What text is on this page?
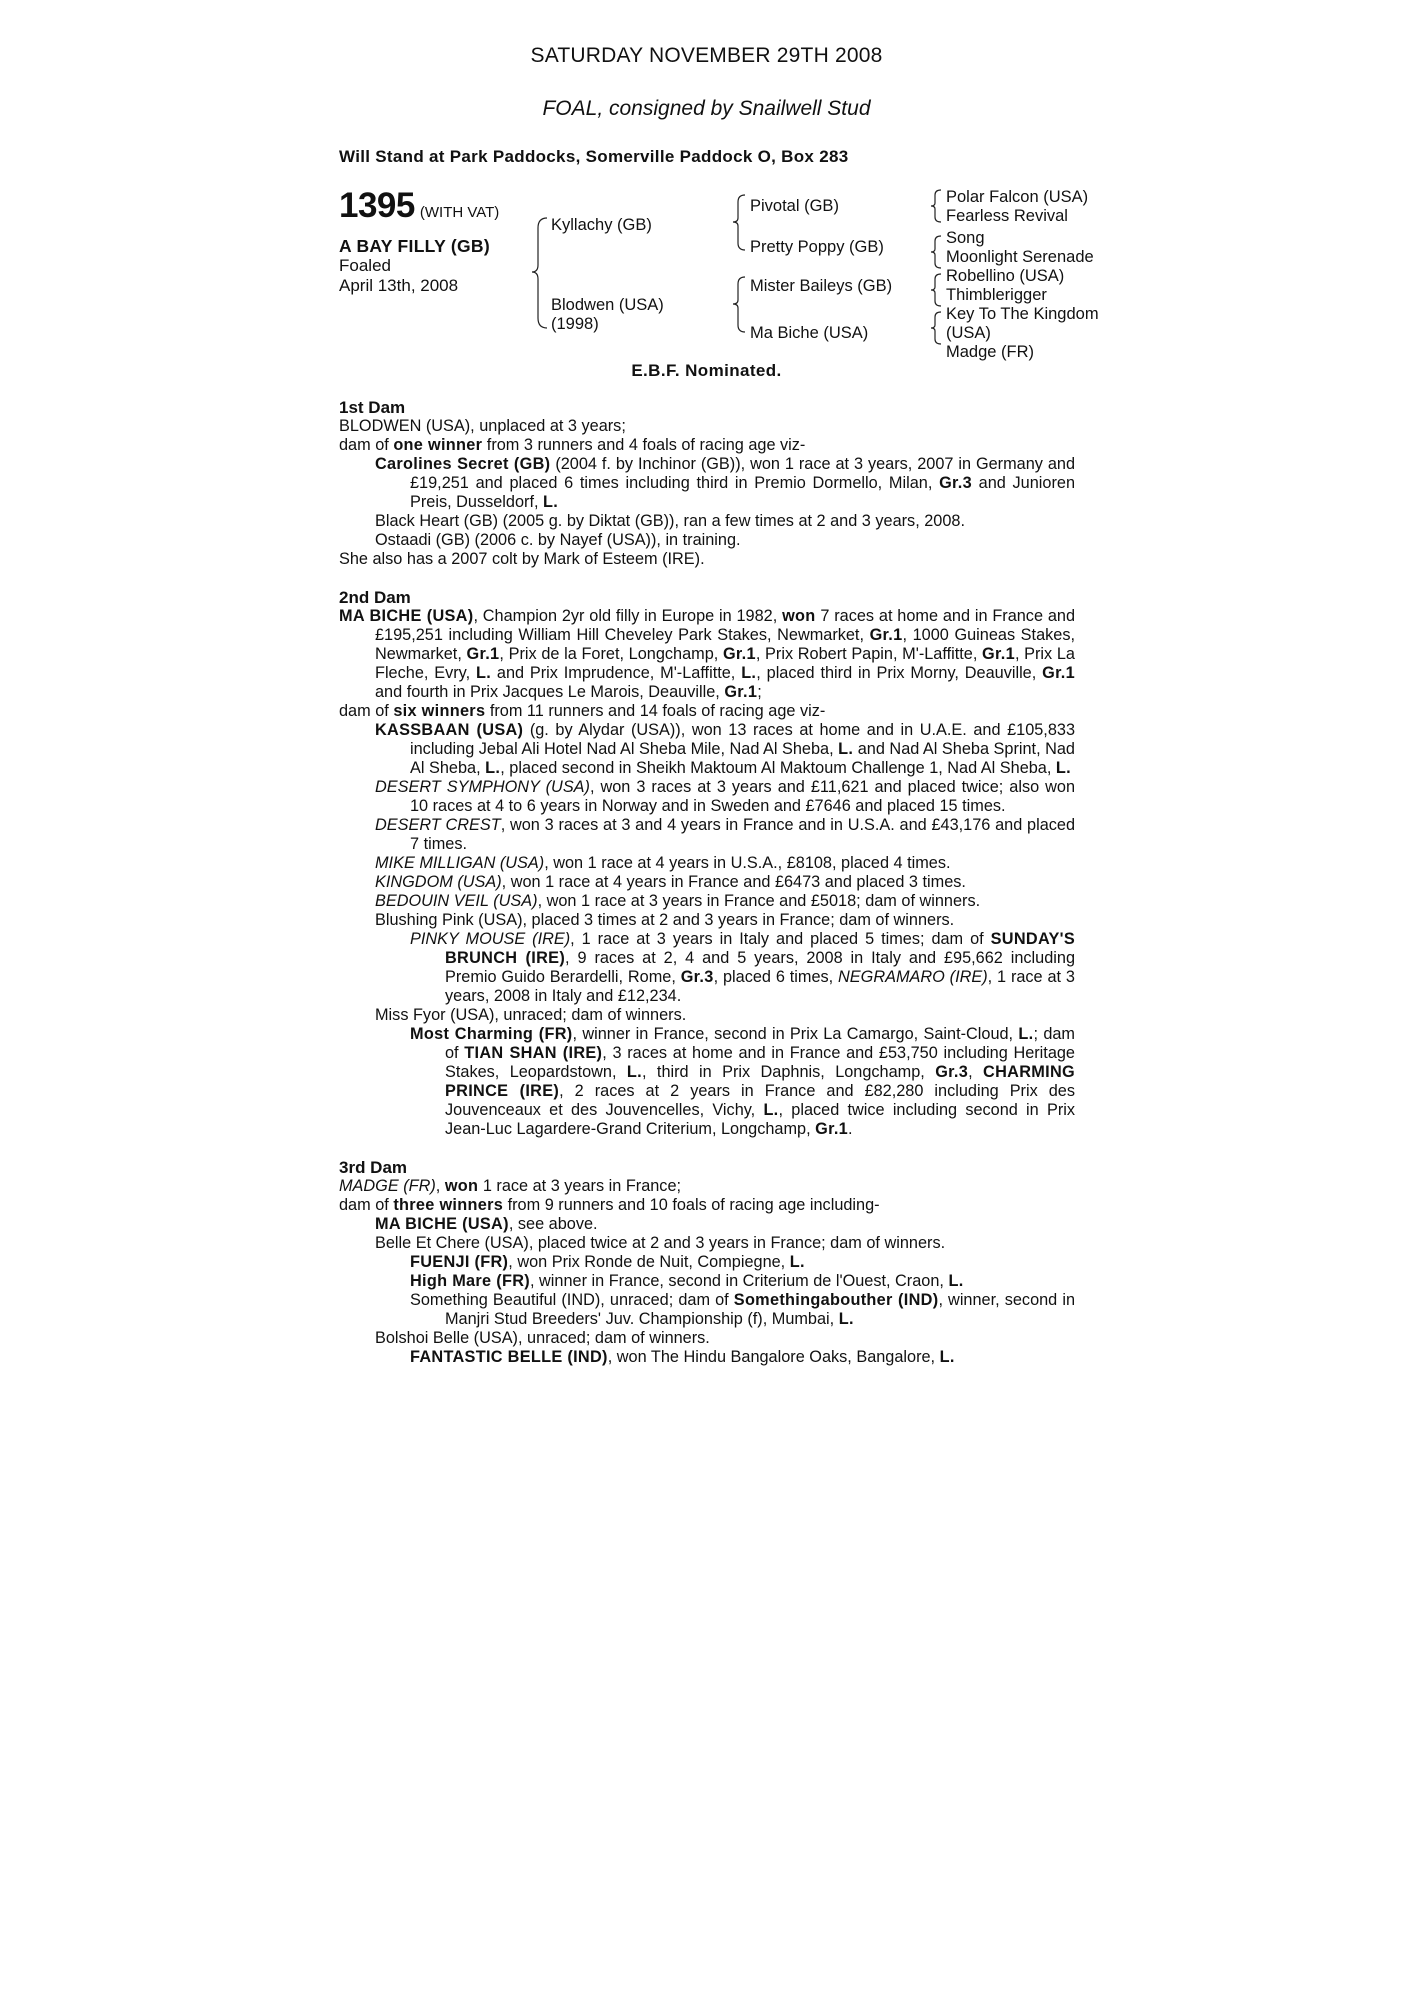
SATURDAY NOVEMBER 29TH 2008
FOAL, consigned by Snailwell Stud
Will Stand at Park Paddocks, Somerville Paddock O, Box 283
1395 (WITH VAT)
A BAY FILLY (GB)
Foaled
April 13th, 2008
Kyllachy (GB)
Blodwen (USA)
(1998)
Pivotal (GB)
Pretty Poppy (GB)
Mister Baileys (GB)
Ma Biche (USA)
Polar Falcon (USA)
Fearless Revival
Song
Moonlight Serenade
Robellino (USA)
Thimblerigger
Key To The Kingdom
(USA)
Madge (FR)
E.B.F. Nominated.

1st Dam

BLODWEN (USA), unplaced at 3 years;

dam of one winner from 3 runners and 4 foals of racing age viz-

Carolines Secret (GB) (2004 f. by Inchinor (GB)), won 1 race at 3 years, 2007 in Germany and £19,251 and placed 6 times including third in Premio Dormello, Milan, Gr.3 and Junioren Preis, Dusseldorf, L.

Black Heart (GB) (2005 g. by Diktat (GB)), ran a few times at 2 and 3 years, 2008.

Ostaadi (GB) (2006 c. by Nayef (USA)), in training.

She also has a 2007 colt by Mark of Esteem (IRE).

2nd Dam

MA BICHE (USA), Champion 2yr old filly in Europe in 1982, won 7 races at home and in France and £195,251 including William Hill Cheveley Park Stakes, Newmarket, Gr.1, 1000 Guineas Stakes, Newmarket, Gr.1, Prix de la Foret, Longchamp, Gr.1, Prix Robert Papin, M'-Laffitte, Gr.1, Prix La Fleche, Evry, L. and Prix Imprudence, M'-Laffitte, L., placed third in Prix Morny, Deauville, Gr.1 and fourth in Prix Jacques Le Marois, Deauville, Gr.1;

dam of six winners from 11 runners and 14 foals of racing age viz-

KASSBAAN (USA) (g. by Alydar (USA)), won 13 races at home and in U.A.E. and £105,833 including Jebal Ali Hotel Nad Al Sheba Mile, Nad Al Sheba, L. and Nad Al Sheba Sprint, Nad Al Sheba, L., placed second in Sheikh Maktoum Al Maktoum Challenge 1, Nad Al Sheba, L.

DESERT SYMPHONY (USA), won 3 races at 3 years and £11,621 and placed twice; also won 10 races at 4 to 6 years in Norway and in Sweden and £7646 and placed 15 times.

DESERT CREST, won 3 races at 3 and 4 years in France and in U.S.A. and £43,176 and placed 7 times.

MIKE MILLIGAN (USA), won 1 race at 4 years in U.S.A., £8108, placed 4 times.

KINGDOM (USA), won 1 race at 4 years in France and £6473 and placed 3 times.

BEDOUIN VEIL (USA), won 1 race at 3 years in France and £5018; dam of winners.

Blushing Pink (USA), placed 3 times at 2 and 3 years in France; dam of winners.

PINKY MOUSE (IRE), 1 race at 3 years in Italy and placed 5 times; dam of SUNDAY'S BRUNCH (IRE), 9 races at 2, 4 and 5 years, 2008 in Italy and £95,662 including Premio Guido Berardelli, Rome, Gr.3, placed 6 times, NEGRAMARO (IRE), 1 race at 3 years, 2008 in Italy and £12,234.

Miss Fyor (USA), unraced; dam of winners.

Most Charming (FR), winner in France, second in Prix La Camargo, Saint-Cloud, L.; dam of TIAN SHAN (IRE), 3 races at home and in France and £53,750 including Heritage Stakes, Leopardstown, L., third in Prix Daphnis, Longchamp, Gr.3, CHARMING PRINCE (IRE), 2 races at 2 years in France and £82,280 including Prix des Jouvenceaux et des Jouvencelles, Vichy, L., placed twice including second in Prix Jean-Luc Lagardere-Grand Criterium, Longchamp, Gr.1.

3rd Dam

MADGE (FR), won 1 race at 3 years in France;

dam of three winners from 9 runners and 10 foals of racing age including-

MA BICHE (USA), see above.

Belle Et Chere (USA), placed twice at 2 and 3 years in France; dam of winners.

FUENJI (FR), won Prix Ronde de Nuit, Compiegne, L.

High Mare (FR), winner in France, second in Criterium de l'Ouest, Craon, L.

Something Beautiful (IND), unraced; dam of Somethingabouther (IND), winner, second in Manjri Stud Breeders' Juv. Championship (f), Mumbai, L.

Bolshoi Belle (USA), unraced; dam of winners.

FANTASTIC BELLE (IND), won The Hindu Bangalore Oaks, Bangalore, L.
